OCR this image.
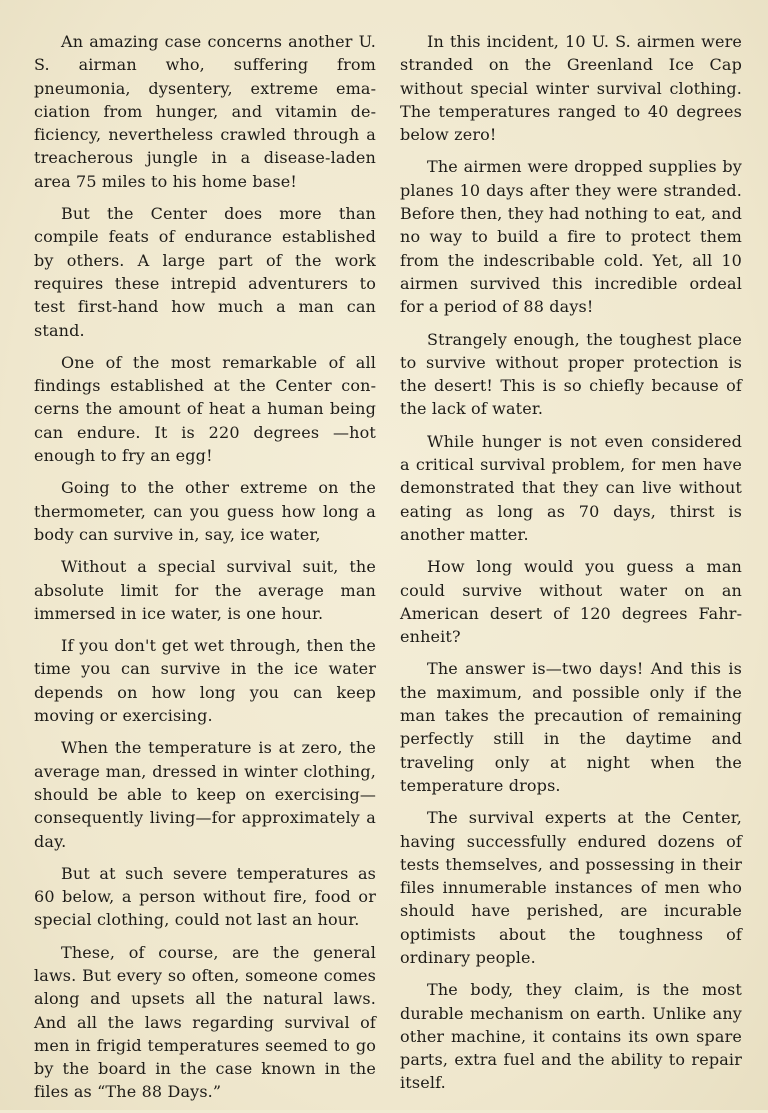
An amazing case concerns another U. S. airman who, suffering from pneumonia, dysentery, extreme emaciation from hunger, and vitamin deficiency, nevertheless crawled through a treacherous jungle in a disease-laden area 75 miles to his home base!

But the Center does more than compile feats of endurance established by others. A large part of the work requires these intrepid adventurers to test first-hand how much a man can stand.

One of the most remarkable of all findings established at the Center concerns the amount of heat a human being can endure. It is 220 degrees —hot enough to fry an egg!

Going to the other extreme on the thermometer, can you guess how long a body can survive in, say, ice water,

Without a special survival suit, the absolute limit for the average man immersed in ice water, is one hour.

If you don't get wet through, then the time you can survive in the ice water depends on how long you can keep moving or exercising.

When the temperature is at zero, the average man, dressed in winter clothing, should be able to keep on exercising—consequently living—for approximately a day.

But at such severe temperatures as 60 below, a person without fire, food or special clothing, could not last an hour.

These, of course, are the general laws. But every so often, someone comes along and upsets all the natural laws. And all the laws regarding survival of men in frigid temperatures seemed to go by the board in the case known in the files as “The 88 Days.”

In this incident, 10 U. S. airmen were stranded on the Greenland Ice Cap without special winter survival clothing. The temperatures ranged to 40 degrees below zero!

The airmen were dropped supplies by planes 10 days after they were stranded. Before then, they had nothing to eat, and no way to build a fire to protect them from the indescribable cold. Yet, all 10 airmen survived this incredible ordeal for a period of 88 days!

Strangely enough, the toughest place to survive without proper protection is the desert! This is so chiefly because of the lack of water.

While hunger is not even considered a critical survival problem, for men have demonstrated that they can live without eating as long as 70 days, thirst is another matter.

How long would you guess a man could survive without water on an American desert of 120 degrees Fahrenheit?

The answer is—two days! And this is the maximum, and possible only if the man takes the precaution of remaining perfectly still in the daytime and traveling only at night when the temperature drops.

The survival experts at the Center, having successfully endured dozens of tests themselves, and possessing in their files innumerable instances of men who should have perished, are incurable optimists about the toughness of ordinary people.

The body, they claim, is the most durable mechanism on earth. Unlike any other machine, it contains its own spare parts, extra fuel and the ability to repair itself.
